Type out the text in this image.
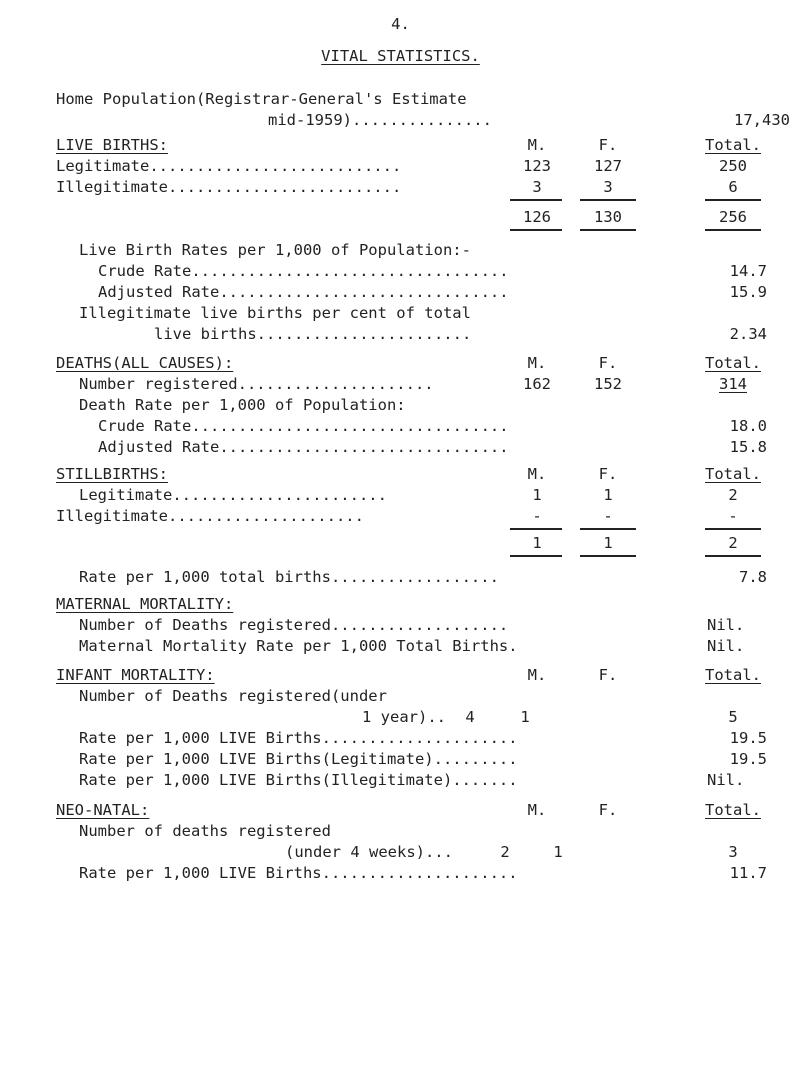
4.
VITAL STATISTICS.
Home Population(Registrar-General's Estimate
mid-1959)...............	17,430
LIVE BIRTHS:	M.	F.	Total.
Legitimate...........................	123	127	250
Illegitimate.........................	3	3	6
126	130	256
Live Birth Rates per 1,000 of Population:-
Crude Rate..................................	14.7
Adjusted Rate...............................	15.9
Illegitimate live births per cent of total
live births.......................	2.34
DEATHS(ALL CAUSES):	M.	F.	Total.
Number registered.....................	162	152	314
Death Rate per 1,000 of Population:
Crude Rate..................................	18.0
Adjusted Rate...............................	15.8
STILLBIRTHS:	M.	F.	Total.
Legitimate.......................	1	1	2
Illegitimate.....................	-	-	-
1	1	2
Rate per 1,000 total births..................	7.8
MATERNAL MORTALITY:
Number of Deaths registered...................	Nil.
Maternal Mortality Rate per 1,000 Total Births.	Nil.
INFANT MORTALITY:	M.	F.	Total.
Number of Deaths registered(under
1 year)..	4	1	5
Rate per 1,000 LIVE Births.....................	19.5
Rate per 1,000 LIVE Births(Legitimate).........	19.5
Rate per 1,000 LIVE Births(Illegitimate).......	Nil.
NEO-NATAL:	M.	F.	Total.
Number of deaths registered
(under 4 weeks)...	2	1	3
Rate per 1,000 LIVE Births.....................	11.7
